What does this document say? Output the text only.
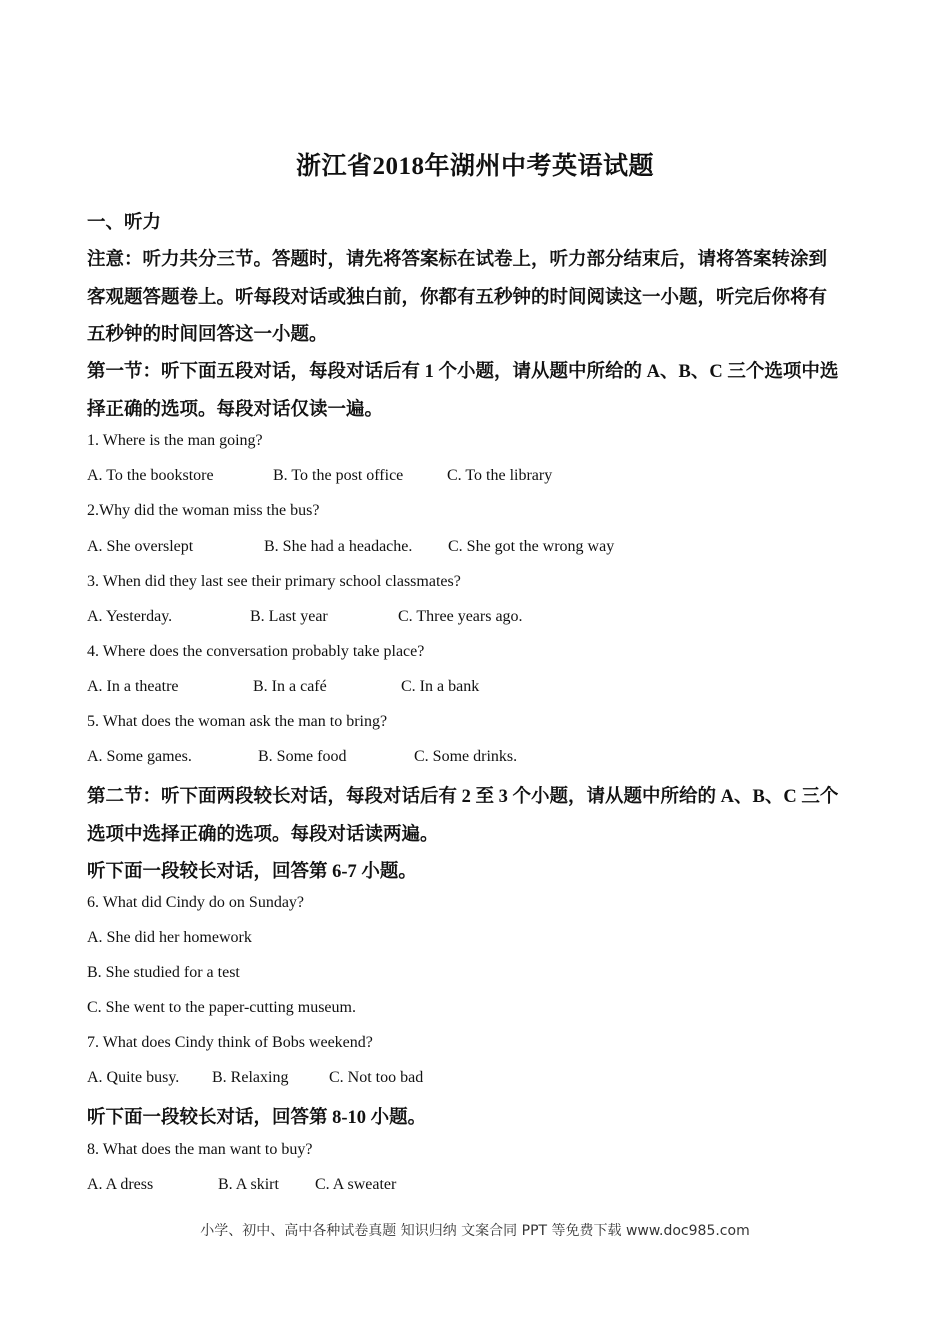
浙江省2018年湖州中考英语试题
一、听力
注意：听力共分三节。答题时，请先将答案标在试卷上，听力部分结束后，请将答案转涂到
客观题答题卷上。听每段对话或独白前，你都有五秒钟的时间阅读这一小题，听完后你将有
五秒钟的时间回答这一小题。
第一节：听下面五段对话，每段对话后有 1 个小题，请从题中所给的 A、B、C 三个选项中选
择正确的选项。每段对话仅读一遍。
1. Where is the man going?
A. To the bookstore	B. To the post office	C. To the library
2.Why did the woman miss the bus?
A. She overslept	B. She had a headache. C. She got the wrong way
3. When did they last see their primary school classmates?
A. Yesterday.	B. Last year	C. Three years ago.
4. Where does the conversation probably take place?
A. In a theatre	B. In a café	C. In a bank
5. What does the woman ask the man to bring?
A. Some games.	B. Some food	C. Some drinks.
第二节：听下面两段较长对话，每段对话后有 2 至 3 个小题，请从题中所给的 A、B、C 三个
选项中选择正确的选项。每段对话读两遍。
听下面一段较长对话，回答第 6-7 小题。
6. What did Cindy do on Sunday?
A. She did her homework
B. She studied for a test
C. She went to the paper-cutting museum.
7. What does Cindy think of Bobs weekend?
A. Quite busy. B. Relaxing	C. Not too bad
听下面一段较长对话，回答第 8-10 小题。
8. What does the man want to buy?
A. A dress	B. A skirt C. A sweater
小学、初中、高中各种试卷真题 知识归纳 文案合同 PPT 等免费下载 www.doc985.com
